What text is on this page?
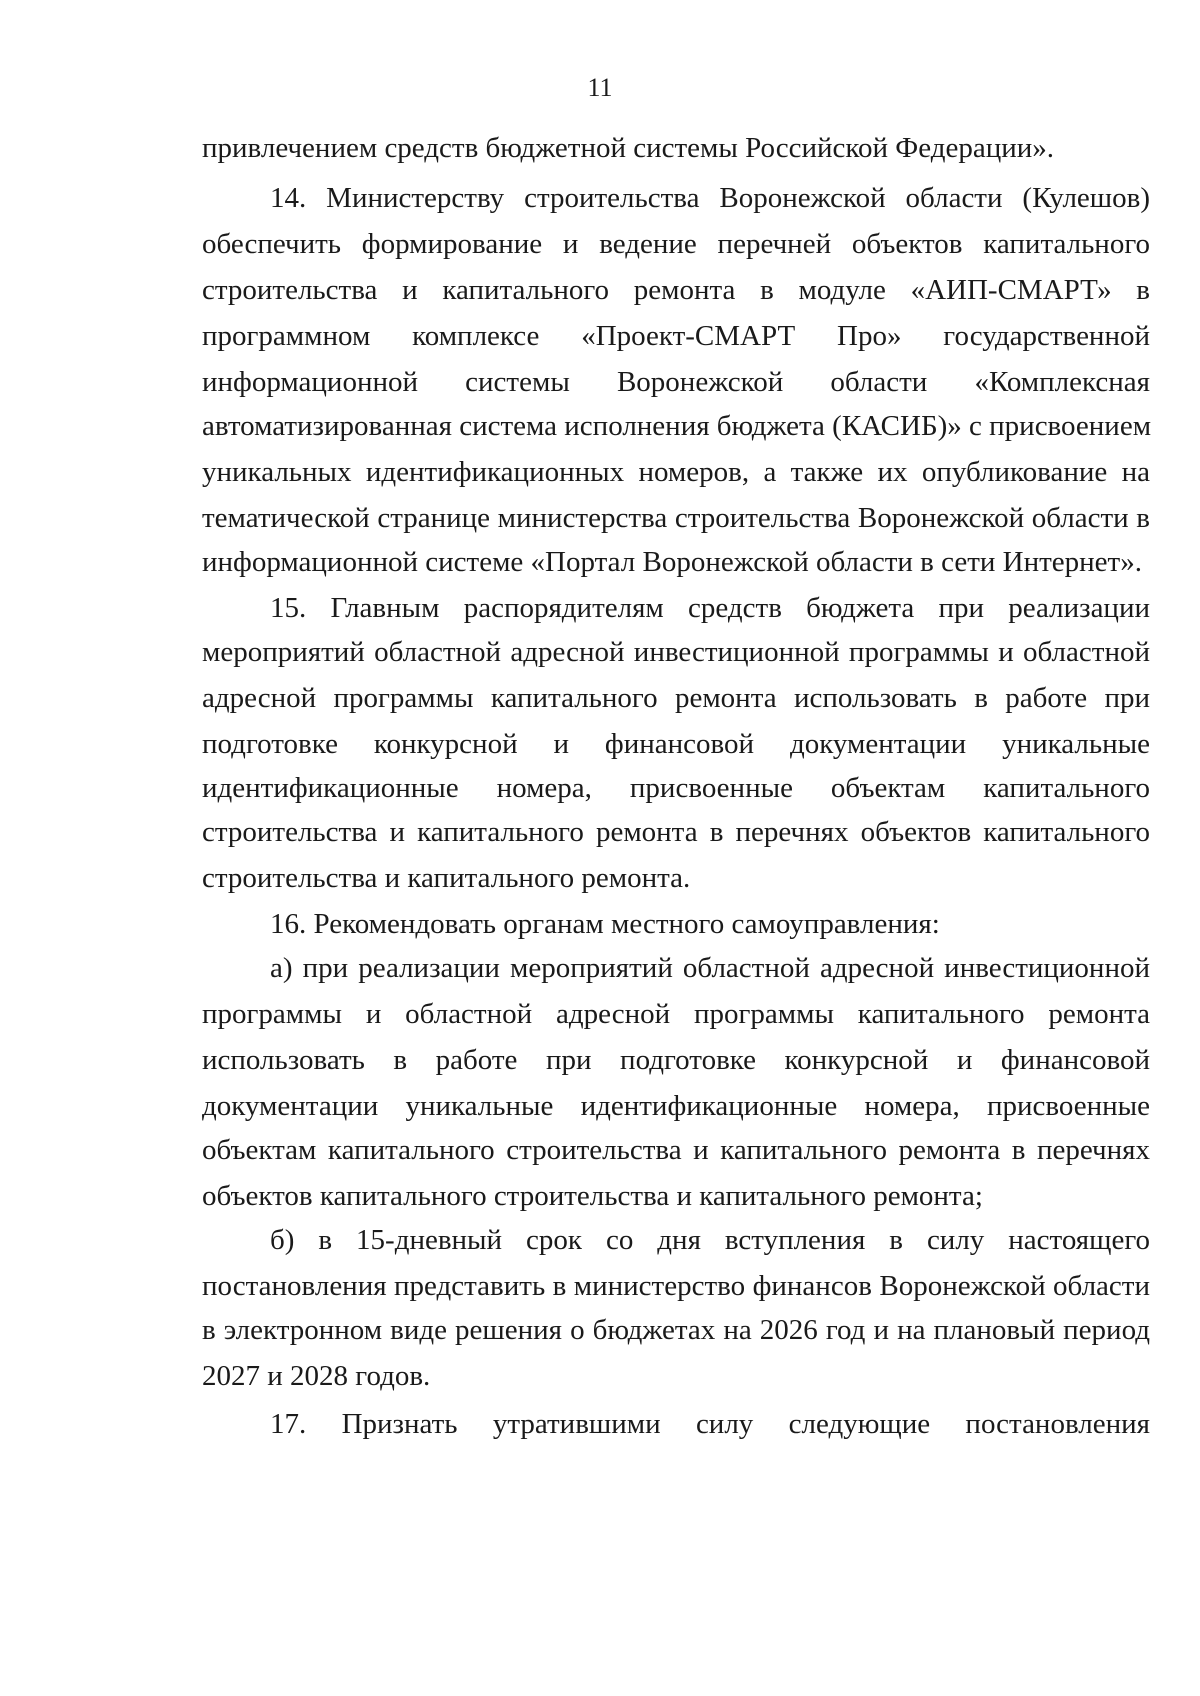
11
привлечением средств бюджетной системы Российской Федерации».
14. Министерству строительства Воронежской области (Кулешов)
обеспечить формирование и ведение перечней объектов капитального
строительства и капитального ремонта в модуле «АИП-СМАРТ» в
программном комплексе «Проект-СМАРТ Про» государственной
информационной системы Воронежской области «Комплексная
автоматизированная система исполнения бюджета (КАСИБ)» с присвоением
уникальных идентификационных номеров, а также их опубликование на
тематической странице министерства строительства Воронежской области в
информационной системе «Портал Воронежской области в сети Интернет».
15. Главным распорядителям средств бюджета при реализации
мероприятий областной адресной инвестиционной программы и областной
адресной программы капитального ремонта использовать в работе при
подготовке конкурсной и финансовой документации уникальные
идентификационные номера, присвоенные объектам капитального
строительства и капитального ремонта в перечнях объектов капитального
строительства и капитального ремонта.
16. Рекомендовать органам местного самоуправления:
а) при реализации мероприятий областной адресной инвестиционной
программы и областной адресной программы капитального ремонта
использовать в работе при подготовке конкурсной и финансовой
документации уникальные идентификационные номера, присвоенные
объектам капитального строительства и капитального ремонта в перечнях
объектов капитального строительства и капитального ремонта;
б) в 15-дневный срок со дня вступления в силу настоящего
постановления представить в министерство финансов Воронежской области
в электронном виде решения о бюджетах на 2026 год и на плановый период
2027 и 2028 годов.
17. Признать утратившими силу следующие постановления
